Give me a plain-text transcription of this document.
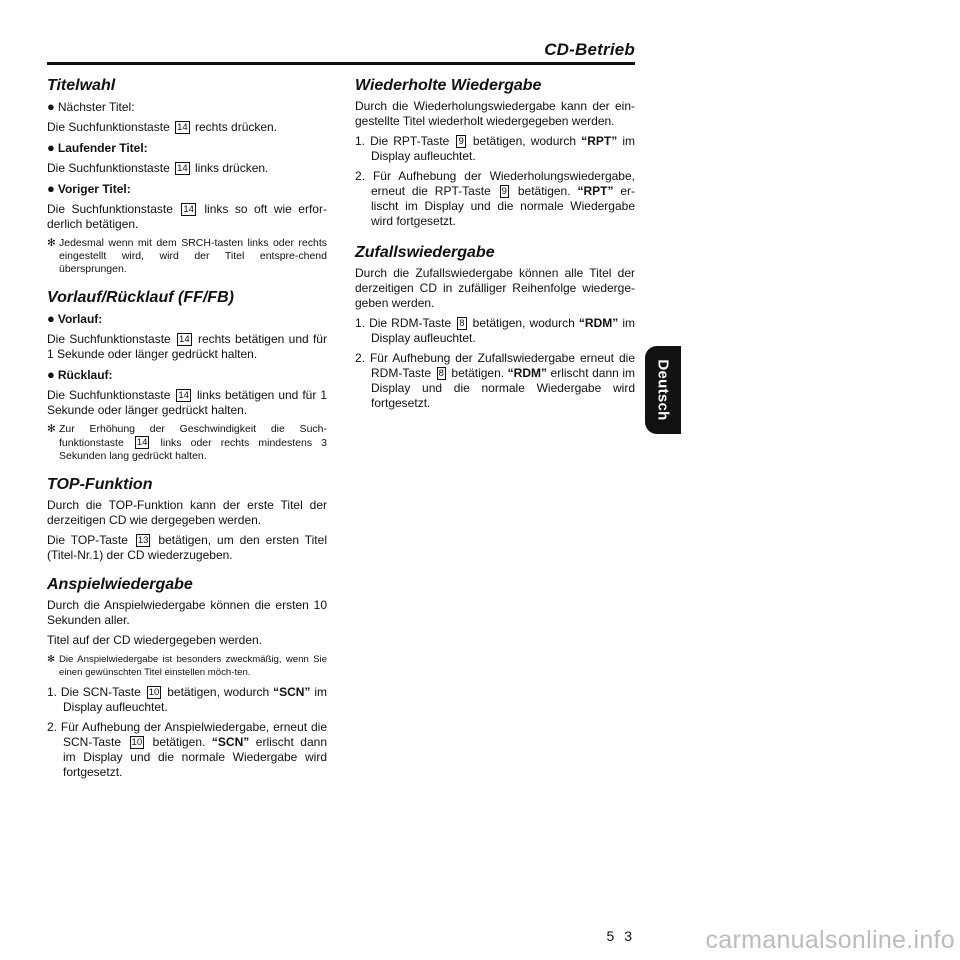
CD-Betrieb
Titelwahl

● Nächster Titel:

Die Suchfunktionstaste 14 rechts drücken.

● Laufender Titel:

Die Suchfunktionstaste 14 links drücken.

● Voriger Titel:

Die Suchfunktionstaste 14 links so oft wie erfor-derlich betätigen.

✻ Jedesmal wenn mit dem SRCH-tasten links oder rechts eingestellt wird, wird der Titel entspre-chend übersprungen.

Vorlauf/Rücklauf (FF/FB)

● Vorlauf:

Die Suchfunktionstaste 14 rechts betätigen und für 1 Sekunde oder länger gedrückt halten.

● Rücklauf:

Die Suchfunktionstaste 14 links betätigen und für 1 Sekunde oder länger gedrückt halten.

✻ Zur Erhöhung der Geschwindigkeit die Such-funktionstaste 14 links oder rechts mindestens 3 Sekunden lang gedrückt halten.

TOP-Funktion

Durch die TOP-Funktion kann der erste Titel der derzeitigen CD wie dergegeben werden.

Die TOP-Taste 13 betätigen, um den ersten Titel (Titel-Nr.1) der CD wiederzugeben.

Anspielwiedergabe

Durch die Anspielwiedergabe können die ersten 10 Sekunden aller.

Titel auf der CD wiedergegeben werden.

✻ Die Anspielwiedergabe ist besonders zweckmäßig, wenn Sie einen gewünschten Titel einstellen möch-ten.

1. Die SCN-Taste 10 betätigen, wodurch “SCN” im Display aufleuchtet.

2. Für Aufhebung der Anspielwiedergabe, erneut die SCN-Taste 10 betätigen. “SCN” erlischt dann im Display und die normale Wiedergabe wird fortgesetzt.

Wiederholte Wiedergabe

Durch die Wiederholungswiedergabe kann der ein-gestellte Titel wiederholt wiedergegeben werden.

1. Die RPT-Taste 9 betätigen, wodurch “RPT” im Display aufleuchtet.

2. Für Aufhebung der Wiederholungswiedergabe, erneut die RPT-Taste 9 betätigen. “RPT” er-lischt im Display und die normale Wiedergabe wird fortgesetzt.

Zufallswiedergabe

Durch die Zufallswiedergabe können alle Titel der derzeitigen CD in zufälliger Reihenfolge wiederge-geben werden.

1. Die RDM-Taste 8 betätigen, wodurch “RDM” im Display aufleuchtet.

2. Für Aufhebung der Zufallswiedergabe erneut die RDM-Taste 8 betätigen. “RDM” erlischt dann im Display und die normale Wiedergabe wird fortgesetzt.	Deutsch
5 3	carmanualsonline.info
